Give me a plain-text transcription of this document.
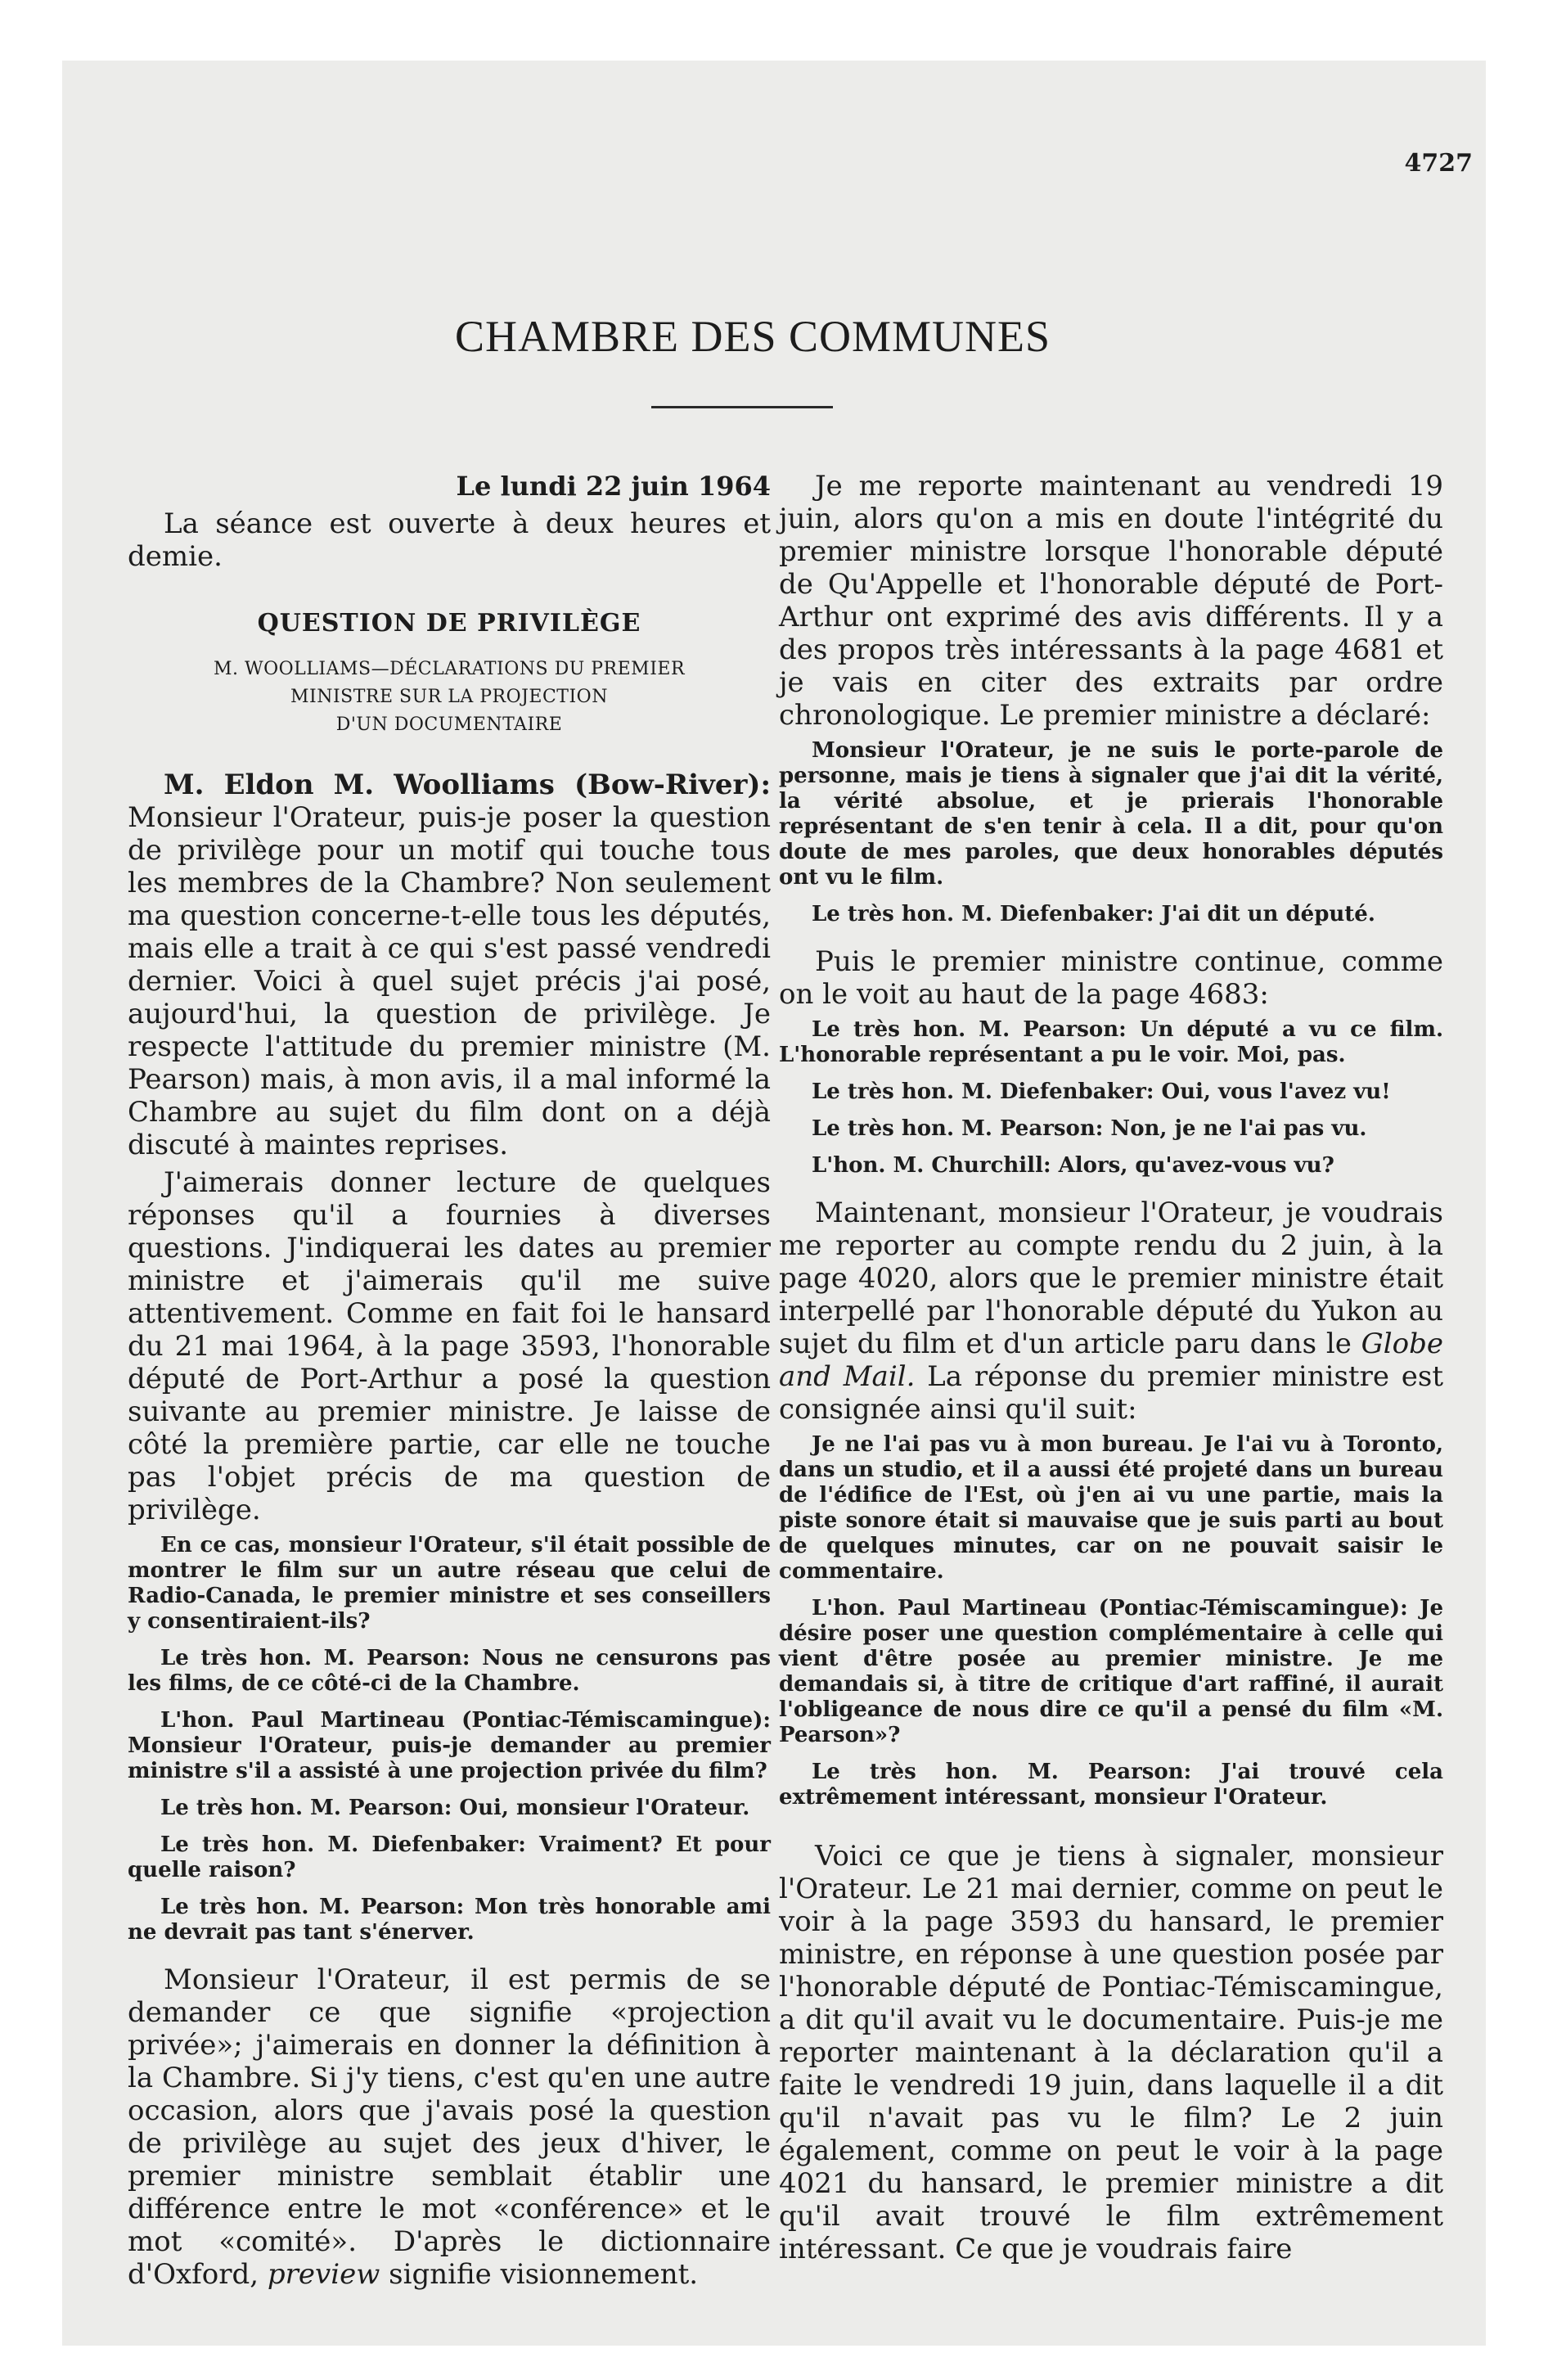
4727
CHAMBRE DES COMMUNES

Le lundi 22 juin 1964

La séance est ouverte à deux heures et demie.

QUESTION DE PRIVILÈGE
M. WOOLLIAMS—DÉCLARATIONS DU PREMIER
MINISTRE SUR LA PROJECTION
D'UN DOCUMENTAIRE

M. Eldon M. Woolliams (Bow-River): Monsieur l'Orateur, puis-je poser la question de privilège pour un motif qui touche tous les membres de la Chambre? Non seulement ma question concerne-t-elle tous les députés, mais elle a trait à ce qui s'est passé vendredi dernier. Voici à quel sujet précis j'ai posé, aujourd'hui, la question de privilège. Je respecte l'attitude du premier ministre (M. Pearson) mais, à mon avis, il a mal informé la Chambre au sujet du film dont on a déjà discuté à maintes reprises.

J'aimerais donner lecture de quelques réponses qu'il a fournies à diverses questions. J'indiquerai les dates au premier ministre et j'aimerais qu'il me suive attentivement. Comme en fait foi le hansard du 21 mai 1964, à la page 3593, l'honorable député de Port-Arthur a posé la question suivante au premier ministre. Je laisse de côté la première partie, car elle ne touche pas l'objet précis de ma question de privilège.

En ce cas, monsieur l'Orateur, s'il était possible de montrer le film sur un autre réseau que celui de Radio-Canada, le premier ministre et ses conseillers y consentiraient-ils?

Le très hon. M. Pearson: Nous ne censurons pas les films, de ce côté-ci de la Chambre.

L'hon. Paul Martineau (Pontiac-Témiscamingue): Monsieur l'Orateur, puis-je demander au premier ministre s'il a assisté à une projection privée du film?

Le très hon. M. Pearson: Oui, monsieur l'Orateur.

Le très hon. M. Diefenbaker: Vraiment? Et pour quelle raison?

Le très hon. M. Pearson: Mon très honorable ami ne devrait pas tant s'énerver.

Monsieur l'Orateur, il est permis de se demander ce que signifie «projection privée»; j'aimerais en donner la définition à la Chambre. Si j'y tiens, c'est qu'en une autre occasion, alors que j'avais posé la question de privilège au sujet des jeux d'hiver, le premier ministre semblait établir une différence entre le mot «conférence» et le mot «comité». D'après le dictionnaire d'Oxford, preview signifie visionnement.

Je me reporte maintenant au vendredi 19 juin, alors qu'on a mis en doute l'intégrité du premier ministre lorsque l'honorable député de Qu'Appelle et l'honorable député de Port-Arthur ont exprimé des avis différents. Il y a des propos très intéressants à la page 4681 et je vais en citer des extraits par ordre chronologique. Le premier ministre a déclaré:

Monsieur l'Orateur, je ne suis le porte-parole de personne, mais je tiens à signaler que j'ai dit la vérité, la vérité absolue, et je prierais l'honorable représentant de s'en tenir à cela. Il a dit, pour qu'on doute de mes paroles, que deux honorables députés ont vu le film.

Le très hon. M. Diefenbaker: J'ai dit un député.

Puis le premier ministre continue, comme on le voit au haut de la page 4683:

Le très hon. M. Pearson: Un député a vu ce film. L'honorable représentant a pu le voir. Moi, pas.

Le très hon. M. Diefenbaker: Oui, vous l'avez vu!

Le très hon. M. Pearson: Non, je ne l'ai pas vu.

L'hon. M. Churchill: Alors, qu'avez-vous vu?

Maintenant, monsieur l'Orateur, je voudrais me reporter au compte rendu du 2 juin, à la page 4020, alors que le premier ministre était interpellé par l'honorable député du Yukon au sujet du film et d'un article paru dans le Globe and Mail. La réponse du premier ministre est consignée ainsi qu'il suit:

Je ne l'ai pas vu à mon bureau. Je l'ai vu à Toronto, dans un studio, et il a aussi été projeté dans un bureau de l'édifice de l'Est, où j'en ai vu une partie, mais la piste sonore était si mauvaise que je suis parti au bout de quelques minutes, car on ne pouvait saisir le commentaire.

L'hon. Paul Martineau (Pontiac-Témiscamingue): Je désire poser une question complémentaire à celle qui vient d'être posée au premier ministre. Je me demandais si, à titre de critique d'art raffiné, il aurait l'obligeance de nous dire ce qu'il a pensé du film «M. Pearson»?

Le très hon. M. Pearson: J'ai trouvé cela extrêmement intéressant, monsieur l'Orateur.

Voici ce que je tiens à signaler, monsieur l'Orateur. Le 21 mai dernier, comme on peut le voir à la page 3593 du hansard, le premier ministre, en réponse à une question posée par l'honorable député de Pontiac-Témiscamingue, a dit qu'il avait vu le documentaire. Puis-je me reporter maintenant à la déclaration qu'il a faite le vendredi 19 juin, dans laquelle il a dit qu'il n'avait pas vu le film? Le 2 juin également, comme on peut le voir à la page 4021 du hansard, le premier ministre a dit qu'il avait trouvé le film extrêmement intéressant. Ce que je voudrais faire
